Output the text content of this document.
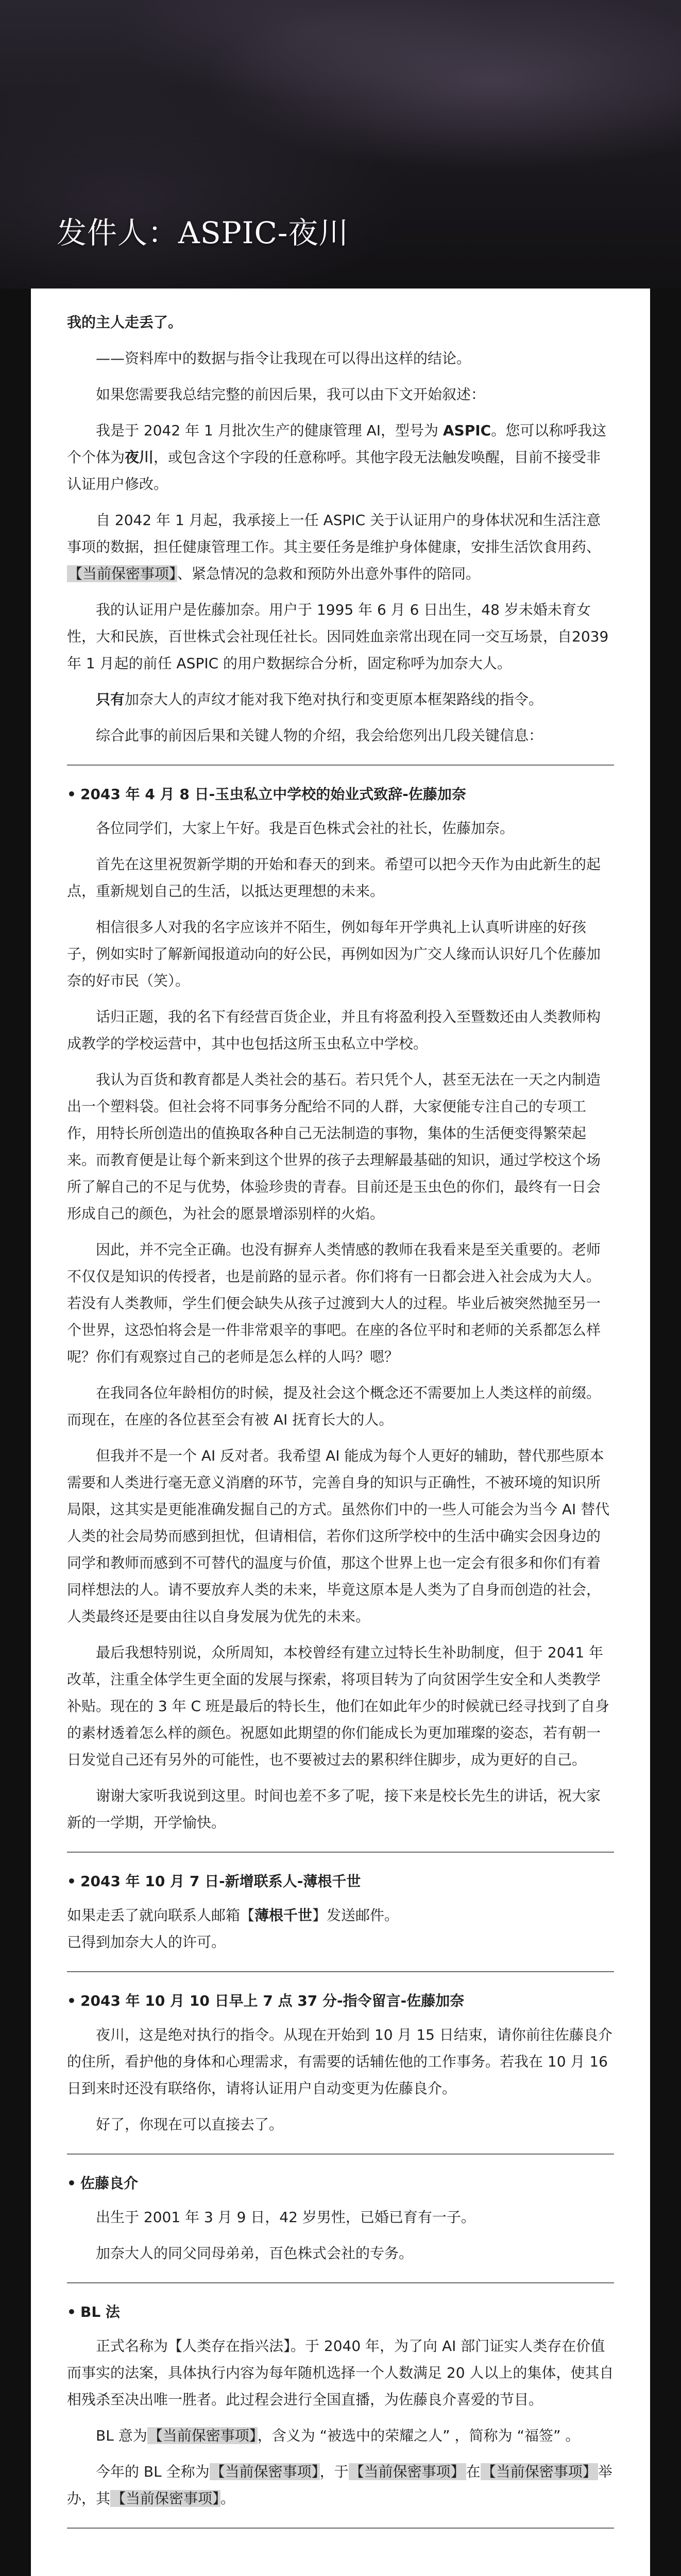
发件人：ASPIC-夜川

我的主人走丢了。

——资料库中的数据与指令让我现在可以得出这样的结论。

如果您需要我总结完整的前因后果，我可以由下文开始叙述：

我是于 2042 年 1 月批次生产的健康管理 AI，型号为 ASPIC。您可以称呼我这个个体为夜川，或包含这个字段的任意称呼。其他字段无法触发唤醒，目前不接受非认证用户修改。

自 2042 年 1 月起，我承接上一任 ASPIC 关于认证用户的身体状况和生活注意事项的数据，担任健康管理工作。其主要任务是维护身体健康，安排生活饮食用药、【当前保密事项】、紧急情况的急救和预防外出意外事件的陪同。

我的认证用户是佐藤加奈。用户于 1995 年 6 月 6 日出生，48 岁未婚未育女性，大和民族，百世株式会社现任社长。因同姓血亲常出现在同一交互场景，自2039 年 1 月起的前任 ASPIC 的用户数据综合分析，固定称呼为加奈大人。

只有加奈大人的声纹才能对我下绝对执行和变更原本框架路线的指令。

综合此事的前因后果和关键人物的介绍，我会给您列出几段关键信息：

• 2043 年 4 月 8 日-玉虫私立中学校的始业式致辞-佐藤加奈

各位同学们，大家上午好。我是百色株式会社的社长，佐藤加奈。

首先在这里祝贺新学期的开始和春天的到来。希望可以把今天作为由此新生的起点，重新规划自己的生活，以抵达更理想的未来。

相信很多人对我的名字应该并不陌生，例如每年开学典礼上认真听讲座的好孩子，例如实时了解新闻报道动向的好公民，再例如因为广交人缘而认识好几个佐藤加奈的好市民（笑）。

话归正题，我的名下有经营百货企业，并且有将盈利投入至暨数还由人类教师构成教学的学校运营中，其中也包括这所玉虫私立中学校。

我认为百货和教育都是人类社会的基石。若只凭个人，甚至无法在一天之内制造出一个塑料袋。但社会将不同事务分配给不同的人群，大家便能专注自己的专项工作，用特长所创造出的值换取各种自己无法制造的事物，集体的生活便变得繁荣起来。而教育便是让每个新来到这个世界的孩子去理解最基础的知识，通过学校这个场所了解自己的不足与优势，体验珍贵的青春。目前还是玉虫色的你们，最终有一日会形成自己的颜色，为社会的愿景增添别样的火焰。

因此，并不完全正确。也没有摒弃人类情感的教师在我看来是至关重要的。老师不仅仅是知识的传授者，也是前路的显示者。你们将有一日都会进入社会成为大人。若没有人类教师，学生们便会缺失从孩子过渡到大人的过程。毕业后被突然抛至另一个世界，这恐怕将会是一件非常艰辛的事吧。在座的各位平时和老师的关系都怎么样呢？你们有观察过自己的老师是怎么样的人吗？嗯？

在我同各位年龄相仿的时候，提及社会这个概念还不需要加上人类这样的前缀。而现在，在座的各位甚至会有被 AI 抚育长大的人。

但我并不是一个 AI 反对者。我希望 AI 能成为每个人更好的辅助，替代那些原本需要和人类进行毫无意义消磨的环节，完善自身的知识与正确性，不被环境的知识所局限，这其实是更能准确发掘自己的方式。虽然你们中的一些人可能会为当今 AI 替代人类的社会局势而感到担忧，但请相信，若你们这所学校中的生活中确实会因身边的同学和教师而感到不可替代的温度与价值，那这个世界上也一定会有很多和你们有着同样想法的人。请不要放弃人类的未来，毕竟这原本是人类为了自身而创造的社会，人类最终还是要由往以自身发展为优先的未来。

最后我想特别说，众所周知，本校曾经有建立过特长生补助制度，但于 2041 年改革，注重全体学生更全面的发展与探索，将项目转为了向贫困学生安全和人类教学补贴。现在的 3 年 C 班是最后的特长生，他们在如此年少的时候就已经寻找到了自身的素材透着怎么样的颜色。祝愿如此期望的你们能成长为更加璀璨的姿态，若有朝一日发觉自己还有另外的可能性，也不要被过去的累积绊住脚步，成为更好的自己。

谢谢大家听我说到这里。时间也差不多了呢，接下来是校长先生的讲话，祝大家新的一学期，开学愉快。

• 2043 年 10 月 7 日-新增联系人-薄根千世

如果走丢了就向联系人邮箱【薄根千世】发送邮件。

已得到加奈大人的许可。

• 2043 年 10 月 10 日早上 7 点 37 分-指令留言-佐藤加奈

夜川，这是绝对执行的指令。从现在开始到 10 月 15 日结束，请你前往佐藤良介的住所，看护他的身体和心理需求，有需要的话辅佐他的工作事务。若我在 10 月 16 日到来时还没有联络你，请将认证用户自动变更为佐藤良介。

好了，你现在可以直接去了。

• 佐藤良介

出生于 2001 年 3 月 9 日，42 岁男性，已婚已育有一子。

加奈大人的同父同母弟弟，百色株式会社的专务。

• BL 法

正式名称为【人类存在指兴法】。于 2040 年，为了向 AI 部门证实人类存在价值而事实的法案，具体执行内容为每年随机选择一个人数满足 20 人以上的集体，使其自相残杀至决出唯一胜者。此过程会进行全国直播，为佐藤良介喜爱的节目。

BL 意为【当前保密事项】，含义为 “被选中的荣耀之人” ，简称为 “福签” 。

今年的 BL 全称为【当前保密事项】，于【当前保密事项】在【当前保密事项】举办，其【当前保密事项】。
